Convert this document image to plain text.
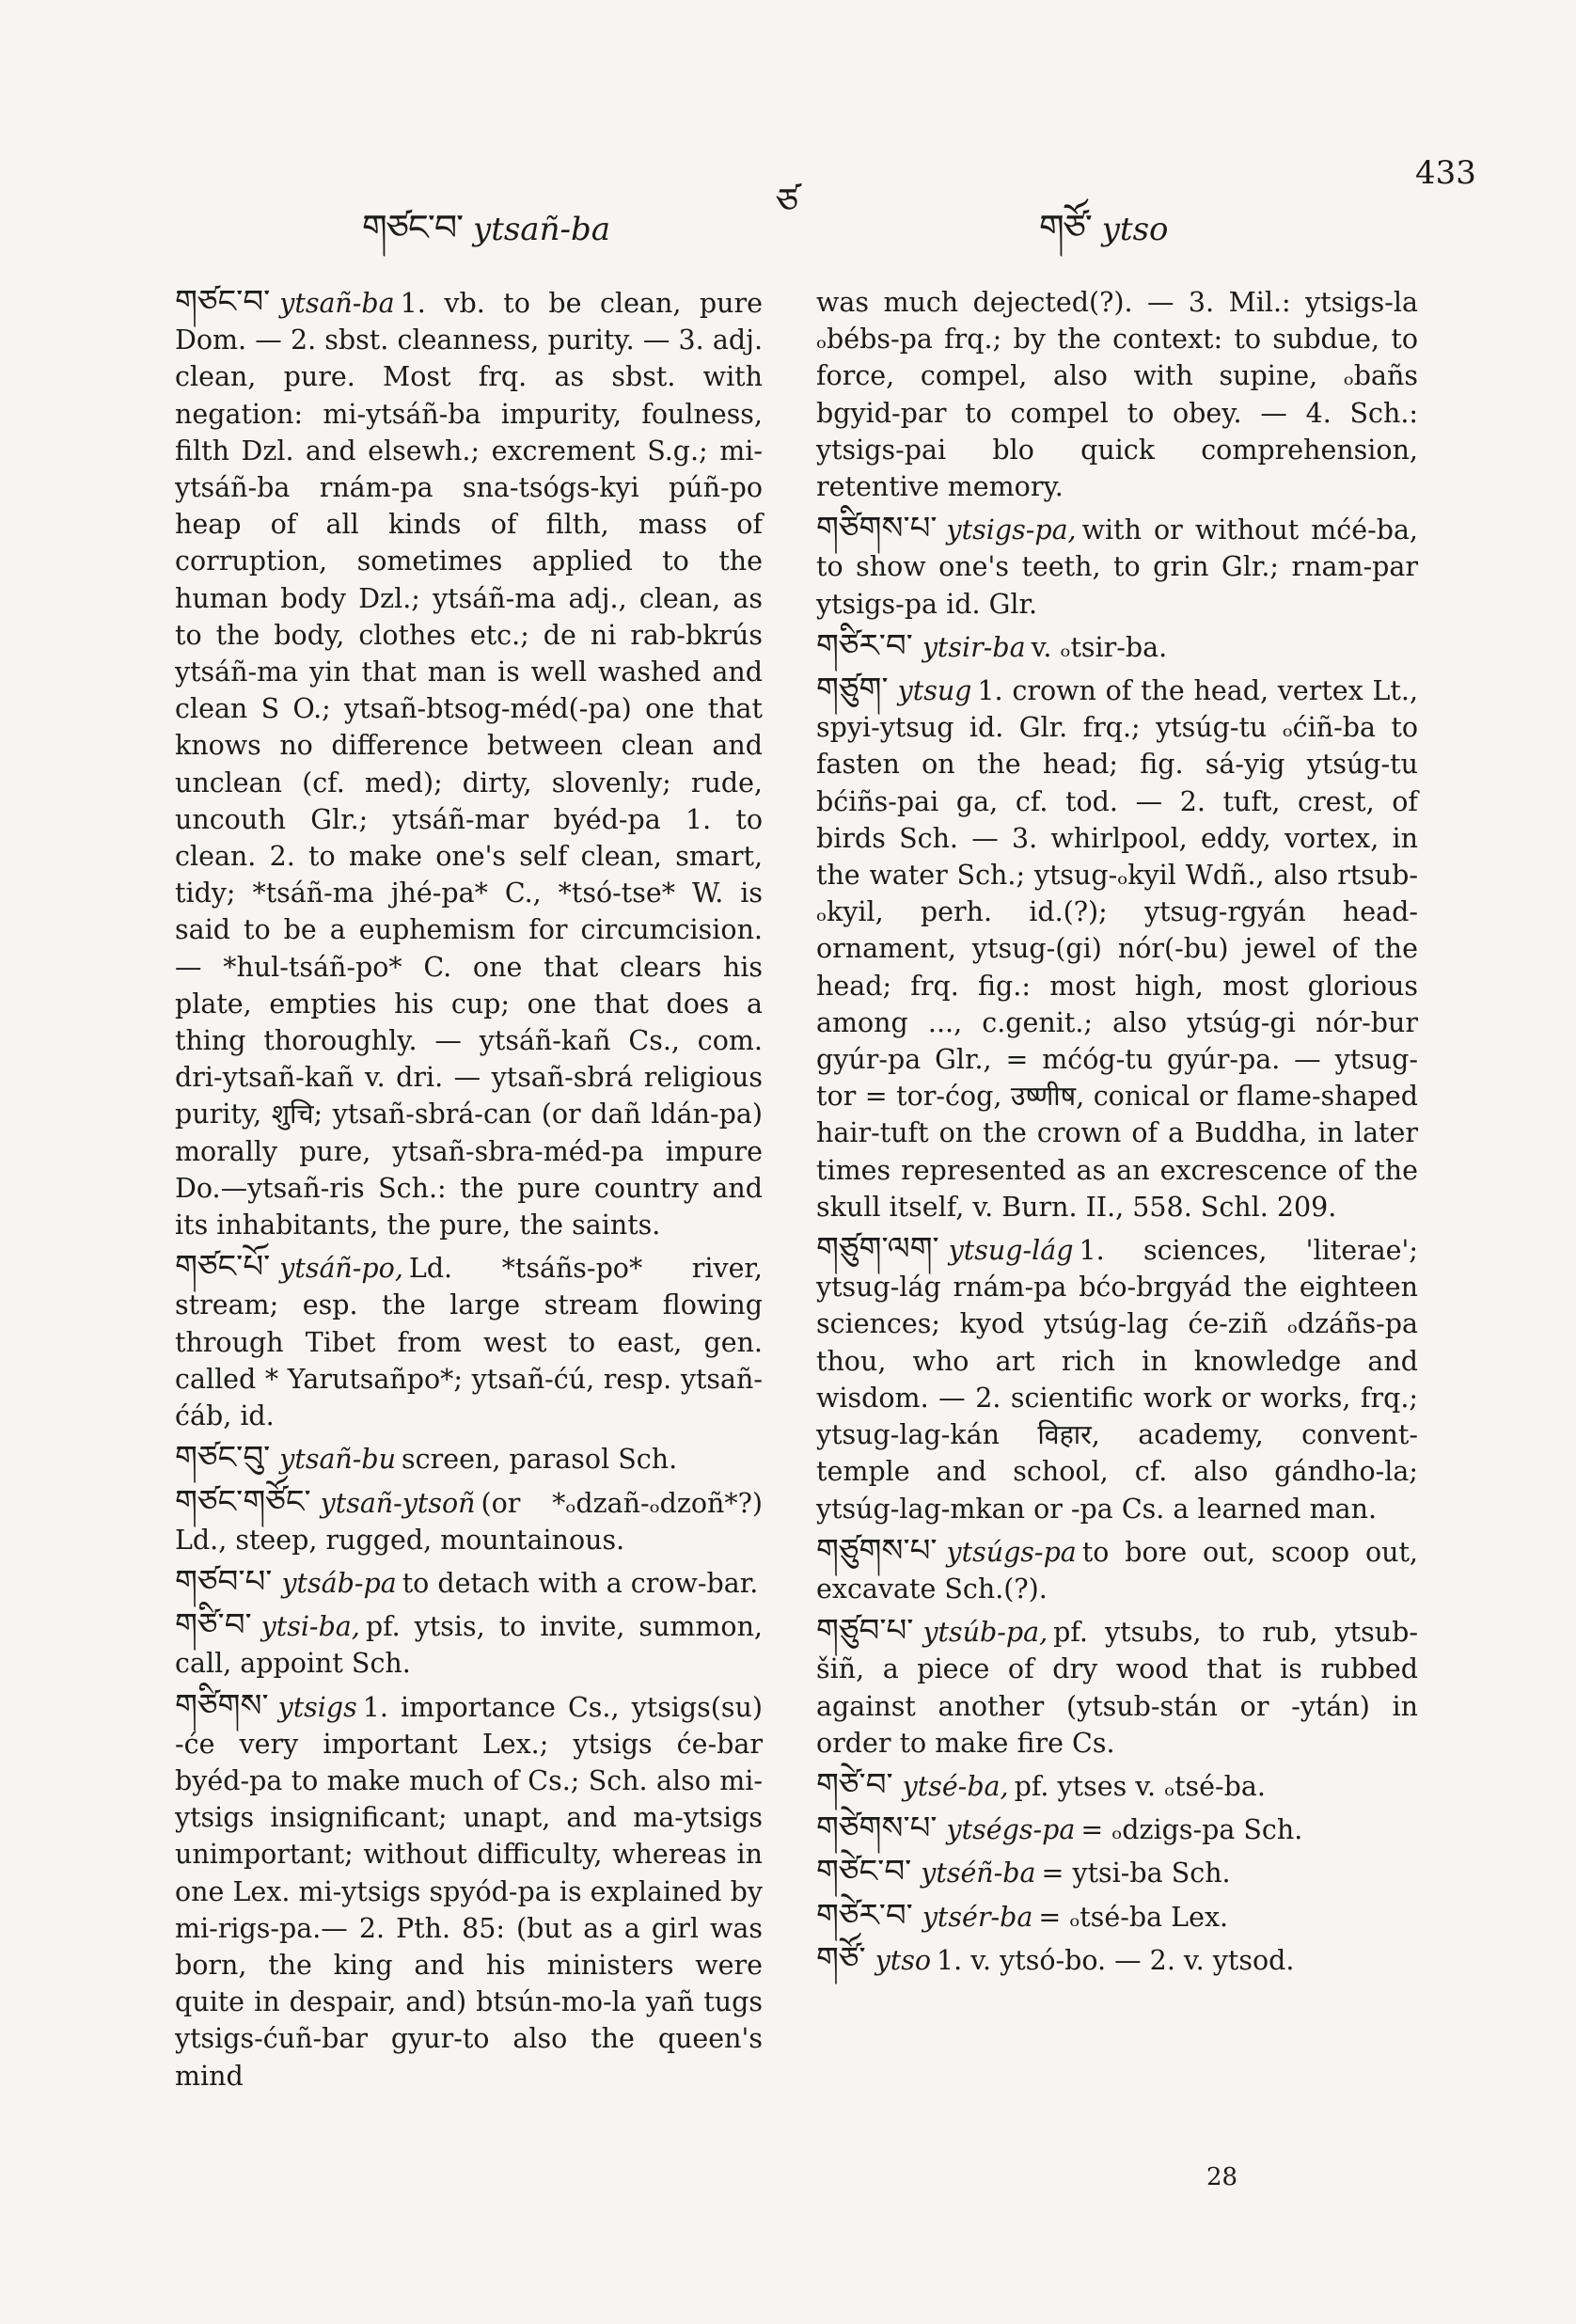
གཙང་བ་ ytsañ-ba
ཙ
གཙོ་ ytso
433
གཙང་བ་ ytsañ-ba 1. vb. to be clean, pure Dom. — 2. sbst. cleanness, purity. — 3. adj. clean, pure. Most frq. as sbst. with negation: mi-ytsáñ-ba impurity, foulness, filth Dzl. and elsewh.; excrement S.g.; mi-ytsáñ-ba rnám-pa sna-tsógs-kyi púñ-po heap of all kinds of filth, mass of corruption, sometimes applied to the human body Dzl.; ytsáñ-ma adj., clean, as to the body, clothes etc.; de ni rab-bkrús ytsáñ-ma yin that man is well washed and clean S O.; ytsañ-btsog-méd(-pa) one that knows no difference between clean and unclean (cf. med); dirty, slovenly; rude, uncouth Glr.; ytsáñ-mar byéd-pa 1. to clean. 2. to make one's self clean, smart, tidy; *tsáñ-ma jhé-pa* C., *tsó-tse* W. is said to be a euphemism for circumcision. — *hul-tsáñ-po* C. one that clears his plate, empties his cup; one that does a thing thoroughly. — ytsáñ-kañ Cs., com. dri-ytsañ-kañ v. dri. — ytsañ-sbrá religious purity, शुचि; ytsañ-sbrá-can (or dañ ldán-pa) morally pure, ytsañ-sbra-méd-pa impure Do.—ytsañ-ris Sch.: the pure country and its inhabitants, the pure, the saints.
གཙང་པོ་ ytsáñ-po, Ld. *tsáñs-po* river, stream; esp. the large stream flowing through Tibet from west to east, gen. called * Yarutsañpo*; ytsañ-ćú, resp. ytsañ-ćáb, id.
གཙང་བུ་ ytsañ-bu screen, parasol Sch.
གཙང་གཙོང་ ytsañ-ytsoñ (or *ₒdzañ-ₒdzoñ*?) Ld., steep, rugged, mountainous.
གཙབ་པ་ ytsáb-pa to detach with a crow-bar.
གཙི་བ་ ytsi-ba, pf. ytsis, to invite, summon, call, appoint Sch.
གཙིགས་ ytsigs 1. importance Cs., ytsigs(su) -će very important Lex.; ytsigs će-bar byéd-pa to make much of Cs.; Sch. also mi-ytsigs insignificant; unapt, and ma-ytsigs unimportant; without difficulty, whereas in one Lex. mi-ytsigs spyód-pa is explained by mi-rigs-pa.— 2. Pth. 85: (but as a girl was born, the king and his ministers were quite in despair, and) btsún-mo-la yañ tugs ytsigs-ćuñ-bar gyur-to also the queen's mind
was much dejected(?). — 3. Mil.: ytsigs-la ₒbébs-pa frq.; by the context: to subdue, to force, compel, also with supine, ₒbañs bgyid-par to compel to obey. — 4. Sch.: ytsigs-pai blo quick comprehension, retentive memory.
གཙིགས་པ་ ytsigs-pa, with or without mćé-ba, to show one's teeth, to grin Glr.; rnam-par ytsigs-pa id. Glr.
གཙིར་བ་ ytsir-ba v. ₒtsir-ba.
གཙུག་ ytsug 1. crown of the head, vertex Lt., spyi-ytsug id. Glr. frq.; ytsúg-tu ₒćiñ-ba to fasten on the head; fig. sá-yig ytsúg-tu bćiñs-pai ga, cf. tod. — 2. tuft, crest, of birds Sch. — 3. whirlpool, eddy, vortex, in the water Sch.; ytsug-ₒkyil Wdñ., also rtsub-ₒkyil, perh. id.(?); ytsug-rgyán head-ornament, ytsug-(gi) nór(-bu) jewel of the head; frq. fig.: most high, most glorious among ..., c.genit.; also ytsúg-gi nór-bur gyúr-pa Glr., = mćóg-tu gyúr-pa. — ytsug-tor = tor-ćog, उष्णीष, conical or flame-shaped hair-tuft on the crown of a Buddha, in later times represented as an excrescence of the skull itself, v. Burn. II., 558. Schl. 209.
གཙུག་ལག་ ytsug-lág 1. sciences, 'literae'; ytsug-lág rnám-pa bćo-brgyád the eighteen sciences; kyod ytsúg-lag će-ziñ ₒdzáñs-pa thou, who art rich in knowledge and wisdom. — 2. scientific work or works, frq.; ytsug-lag-kán विहार, academy, convent-temple and school, cf. also gándho-la; ytsúg-lag-mkan or -pa Cs. a learned man.
གཙུགས་པ་ ytsúgs-pa to bore out, scoop out, excavate Sch.(?).
གཙུབ་པ་ ytsúb-pa, pf. ytsubs, to rub, ytsub-šiñ, a piece of dry wood that is rubbed against another (ytsub-stán or -ytán) in order to make fire Cs.
གཙེ་བ་ ytsé-ba, pf. ytses v. ₒtsé-ba.
གཙེགས་པ་ ytségs-pa = ₒdzigs-pa Sch.
གཙེང་བ་ ytséñ-ba = ytsi-ba Sch.
གཙེར་བ་ ytsér-ba = ₒtsé-ba Lex.
གཙོ་ ytso 1. v. ytsó-bo. — 2. v. ytsod.
28
